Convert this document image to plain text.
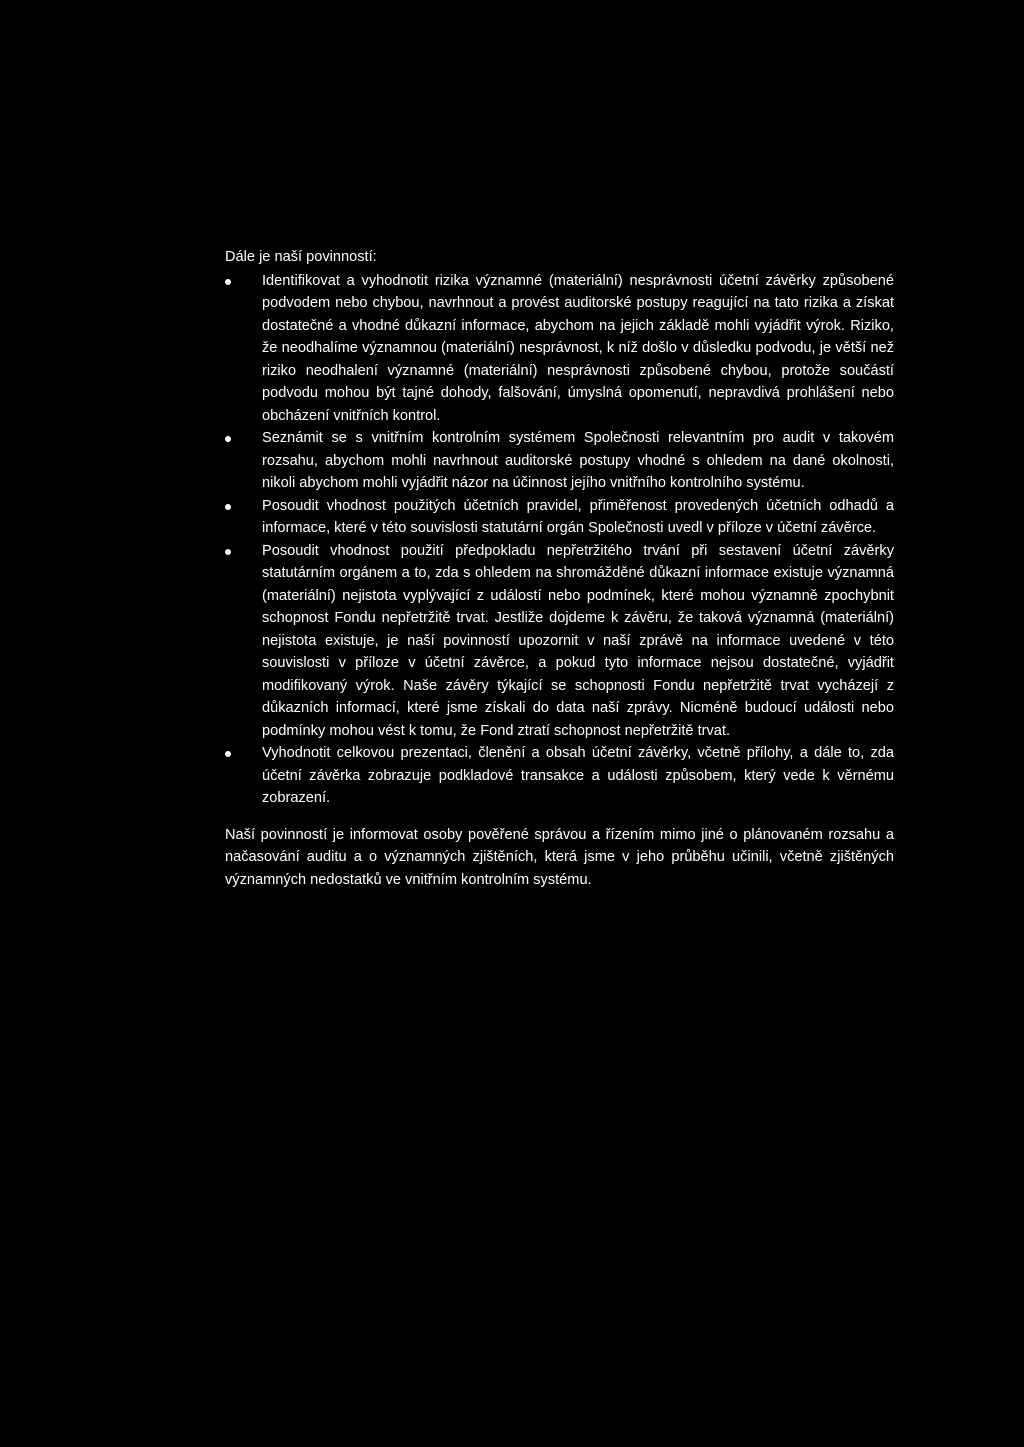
Dále je naší povinností:

Identifikovat a vyhodnotit rizika významné (materiální) nesprávnosti účetní závěrky způsobené podvodem nebo chybou, navrhnout a provést auditorské postupy reagující na tato rizika a získat dostatečné a vhodné důkazní informace, abychom na jejich základě mohli vyjádřit výrok. Riziko, že neodhalíme významnou (materiální) nesprávnost, k níž došlo v důsledku podvodu, je větší než riziko neodhalení významné (materiální) nesprávnosti způsobené chybou, protože součástí podvodu mohou být tajné dohody, falšování, úmyslná opomenutí, nepravdivá prohlášení nebo obcházení vnitřních kontrol.
Seznámit se s vnitřním kontrolním systémem Společnosti relevantním pro audit v takovém rozsahu, abychom mohli navrhnout auditorské postupy vhodné s ohledem na dané okolnosti, nikoli abychom mohli vyjádřit názor na účinnost jejího vnitřního kontrolního systému.
Posoudit vhodnost použitých účetních pravidel, přiměřenost provedených účetních odhadů a informace, které v této souvislosti statutární orgán Společnosti uvedl v příloze v účetní závěrce.
Posoudit vhodnost použití předpokladu nepřetržitého trvání při sestavení účetní závěrky statutárním orgánem a to, zda s ohledem na shromážděné důkazní informace existuje významná (materiální) nejistota vyplývající z událostí nebo podmínek, které mohou významně zpochybnit schopnost Fondu nepřetržitě trvat. Jestliže dojdeme k závěru, že taková významná (materiální) nejistota existuje, je naší povinností upozornit v naší zprávě na informace uvedené v této souvislosti v příloze v účetní závěrce, a pokud tyto informace nejsou dostatečné, vyjádřit modifikovaný výrok. Naše závěry týkající se schopnosti Fondu nepřetržitě trvat vycházejí z důkazních informací, které jsme získali do data naší zprávy. Nicméně budoucí události nebo podmínky mohou vést k tomu, že Fond ztratí schopnost nepřetržitě trvat.
Vyhodnotit celkovou prezentaci, členění a obsah účetní závěrky, včetně přílohy, a dále to, zda účetní závěrka zobrazuje podkladové transakce a události způsobem, který vede k věrnému zobrazení.

Naší povinností je informovat osoby pověřené správou a řízením mimo jiné o plánovaném rozsahu a načasování auditu a o významných zjištěních, která jsme v jeho průběhu učinili, včetně zjištěných významných nedostatků ve vnitřním kontrolním systému.
